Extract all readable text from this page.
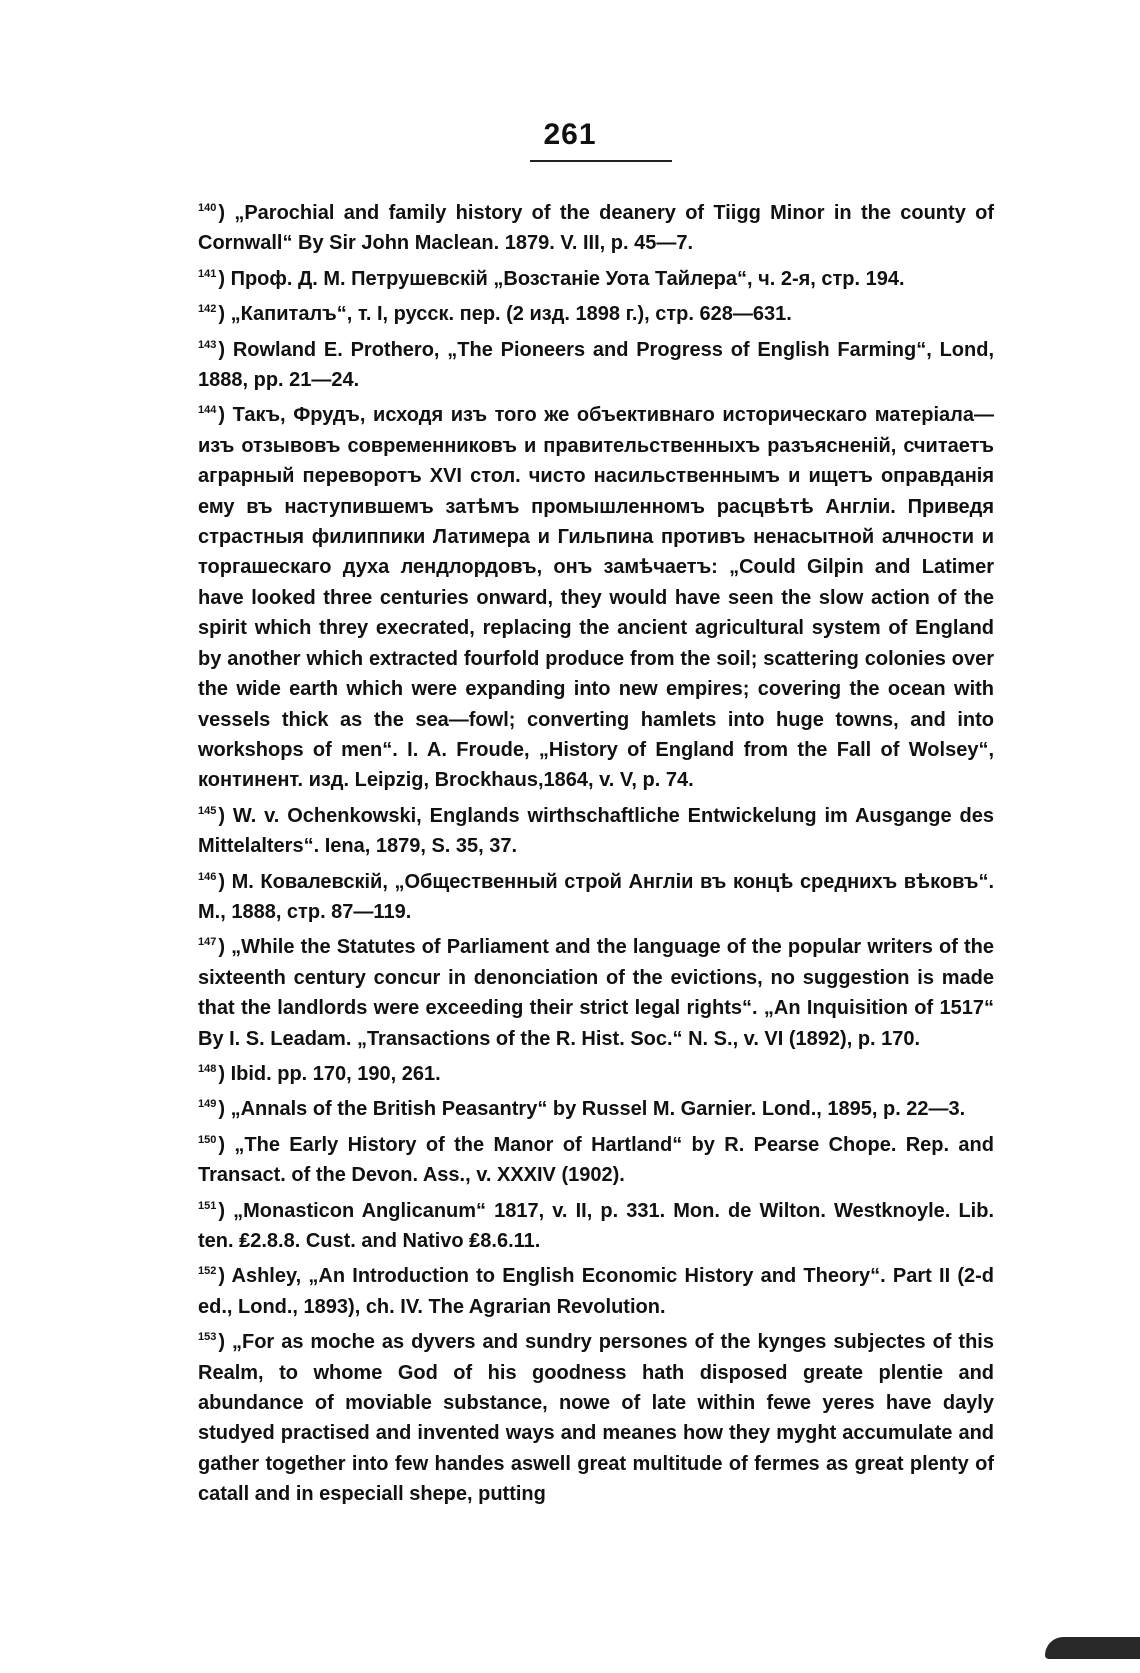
261

$^{140}$ ) „Parochial and family history of the deanery of Tiigg Minor in the county of Cornwall“ By Sir John Maclean. 1879. V. III, p. 45—7.

$^{141}$ ) Проф. Д. М. Петрушевскій „Возстаніе Уота Тайлера“, ч. 2-я, стр. 194.

$^{142}$ ) „Капиталъ“, т. I, русск. пер. (2 изд. 1898 г.), стр. 628—631.

$^{143}$ ) Rowland E. Prothero, „The Pioneers and Progress of English Farming“, Lond, 1888, pp. 21—24.

$^{144}$ ) Такъ, Фрудъ, исходя изъ того же объективнаго историческаго матеріала—изъ отзывовъ современниковъ и правительственныхъ разъясненій, считаетъ аграрный переворотъ XVI стол. чисто насильственнымъ и ищетъ оправданія ему въ наступившемъ затѣмъ промышленномъ расцвѣтѣ Англіи. Приведя страстныя филиппики Латимера и Гильпина противъ ненасытной алчности и торгашескаго духа лендлордовъ, онъ замѣчаетъ: „Could Gilpin and Latimer have looked three centuries onward, they would have seen the slow action of the spirit which threy execrated, replacing the ancient agricultural system of England by another which extracted fourfold produce from the soil; scattering colonies over the wide earth which were expanding into new empires; covering the ocean with vessels thick as the sea—fowl; converting hamlets into huge towns, and into workshops of men“. I. A. Froude, „History of England from the Fall of Wolsey“, континент. изд. Leipzig, Brockhaus,1864, v. V, p. 74.

$^{145}$ ) W. v. Ochenkowski, Englands wirthschaftliche Entwickelung im Ausgange des Mittelalters“. Iena, 1879, S. 35, 37.

$^{146}$ ) М. Ковалевскій, „Общественный строй Англіи въ концѣ среднихъ вѣковъ“. М., 1888, стр. 87—119.

$^{147}$ ) „While the Statutes of Parliament and the language of the popular writers of the sixteenth century concur in denonciation of the evictions, no suggestion is made that the landlords were exceeding their strict legal rights“. „An Inquisition of 1517“ By I. S. Leadam. „Transactions of the R. Hist. Soc.“ N. S., v. VI (1892), p. 170.

$^{148}$ ) Ibid. pp. 170, 190, 261.

$^{149}$ ) „Annals of the British Peasantry“ by Russel M. Garnier. Lond., 1895, p. 22—3.

$^{150}$ ) „The Early History of the Manor of Hartland“ by R. Pearse Chope. Rep. and Transact. of the Devon. Ass., v. XXXIV (1902).

$^{151}$ ) „Monasticon Anglicanum“ 1817, v. II, p. 331. Mon. de Wilton. Westknoyle. Lib. ten. ₤2.8.8. Cust. and Nativo ₤8.6.11.

$^{152}$ ) Ashley, „An Introduction to English Economic History and Theory“. Part II (2-d ed., Lond., 1893), ch. IV. The Agrarian Revolution.

$^{153}$ ) „For as moche as dyvers and sundry persones of the kynges subjectes of this Realm, to whome God of his goodness hath disposed greate plentie and abundance of moviable substance, nowe of late within fewe yeres have dayly studyed practised and invented ways and meanes how they myght accumulate and gather together into few handes aswell great multitude of fermes as great plenty of catall and in especiall shepe, putting
